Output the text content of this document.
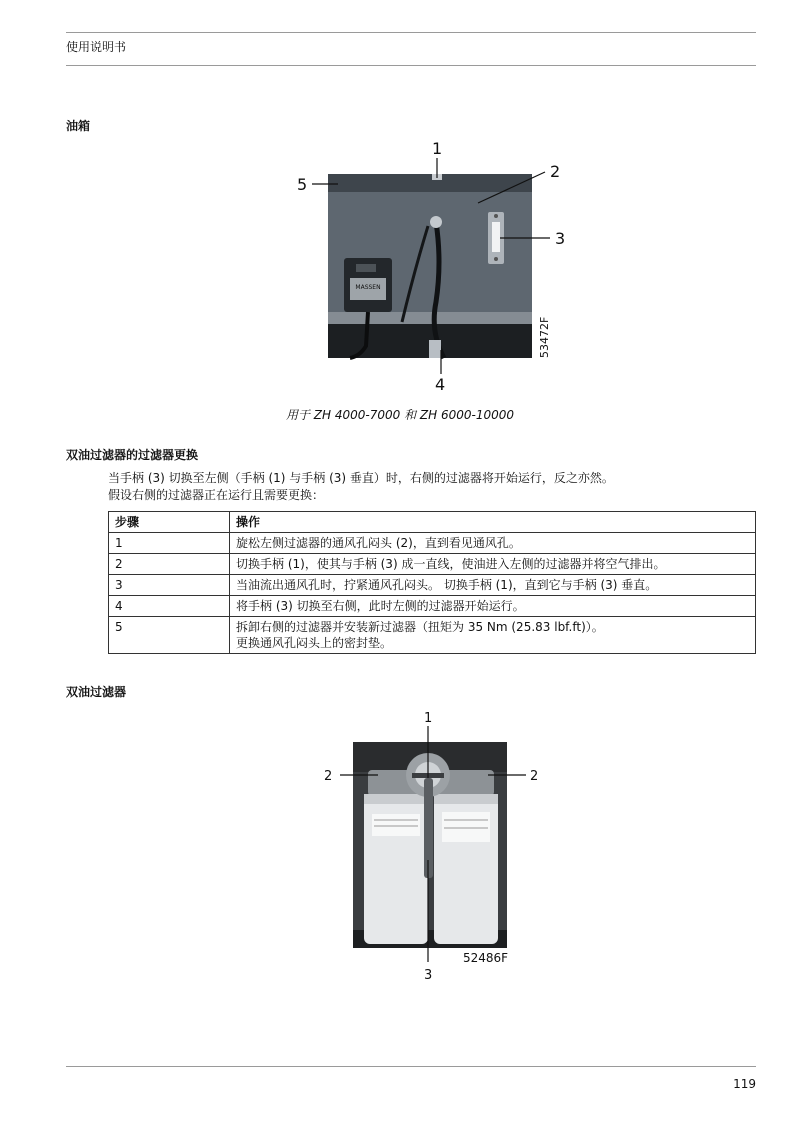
使用说明书
油箱
MASSEN
1
2
3
4
5
53472F
用于 ZH 4000-7000 和 ZH 6000-10000
双油过滤器的过滤器更换
当手柄 (3) 切换至左侧（手柄 (1) 与手柄 (3) 垂直）时，右侧的过滤器将开始运行，反之亦然。
假设右侧的过滤器正在运行且需要更换：
步骤	操作
1	旋松左侧过滤器的通风孔闷头 (2)，直到看见通风孔。
2	切换手柄 (1)，使其与手柄 (3) 成一直线，使油进入左侧的过滤器并将空气排出。
3	当油流出通风孔时，拧紧通风孔闷头。 切换手柄 (1)，直到它与手柄 (3) 垂直。
4	将手柄 (3) 切换至右侧，此时左侧的过滤器开始运行。
5	拆卸右侧的过滤器并安装新过滤器（扭矩为 35 Nm (25.83 lbf.ft)）。
更换通风孔闷头上的密封垫。
双油过滤器
1
2	2
3
52486F
119
